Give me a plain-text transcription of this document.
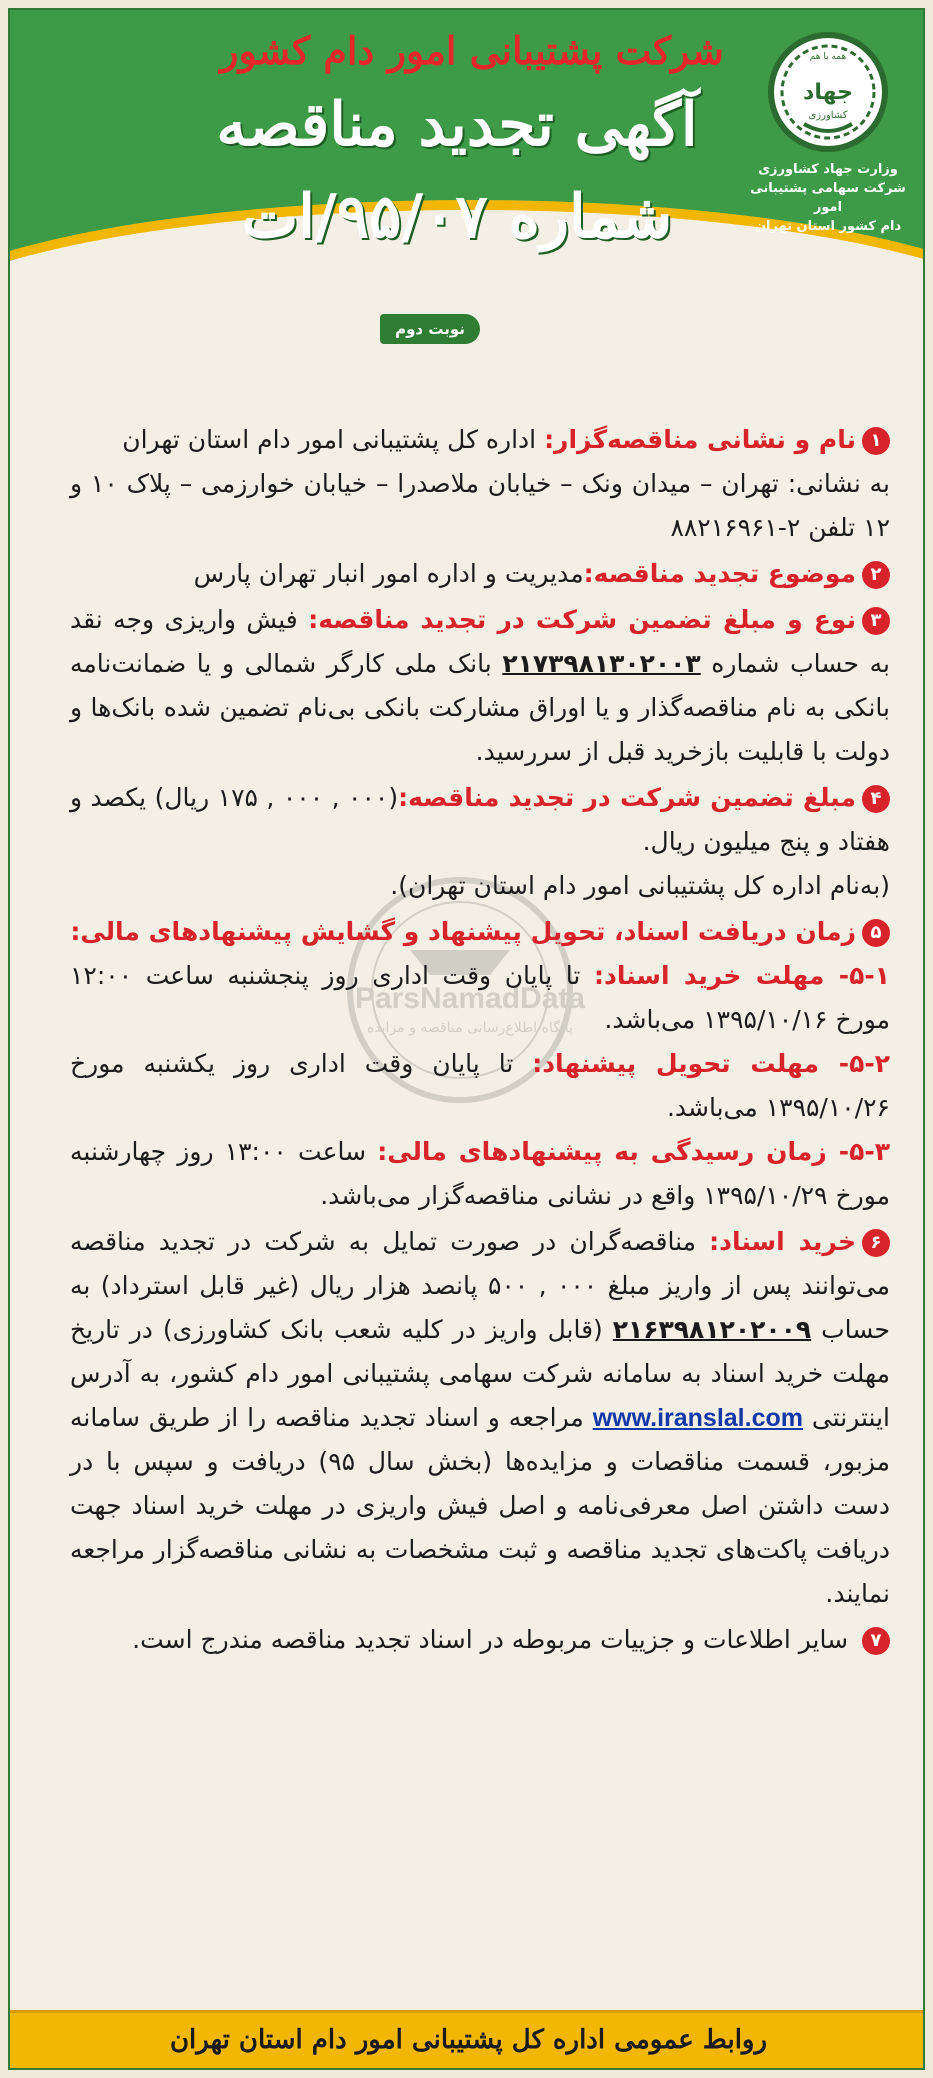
شرکت پشتیبانی امور دام کشور
آگهی تجدید مناقصه
شماره ۹۵/۰۷/ات
همه با هم
جهاد
کشاورزی
وزارت جهاد کشاورزی
شرکت سهامی پشتیبانی امور
دام کشور استان تهران
نوبت دوم
ParsNamadData
پایگاه اطلاع‌رسانی مناقصه و مزایده
۱نام و نشانی مناقصه‌گزار: اداره کل پشتیبانی امور دام استان تهران
به نشانی: تهران – میدان ونک – خیابان ملاصدرا – خیابان خوارزمی – پلاک ۱۰ و ۱۲ تلفن ۲-۸۸۲۱۶۹۶۱
۲موضوع تجدید مناقصه:مدیریت و اداره امور انبار تهران پارس
۳نوع و مبلغ تضمین شرکت در تجدید مناقصه: فیش واریزی وجه نقد به حساب شماره ۲۱۷۳۹۸۱۳۰۲۰۰۳ بانک ملی کارگر شمالی و یا ضمانت‌نامه بانکی به نام مناقصه‌گذار و یا اوراق مشارکت بانکی بی‌نام تضمین شده بانک‌ها و دولت با قابلیت بازخرید قبل از سررسید.
۴مبلغ تضمین شرکت در تجدید مناقصه:(۰۰۰ , ۰۰۰ , ۱۷۵ ریال) یکصد و هفتاد و پنج میلیون ریال.
(به‌نام اداره کل پشتیبانی امور دام استان تهران).
۵زمان دریافت اسناد، تحویل پیشنهاد و گشایش پیشنهادهای مالی:
۵-۱- مهلت خرید اسناد: تا پایان وقت اداری روز پنجشنبه ساعت ۱۲:۰۰ مورخ ۱۳۹۵/۱۰/۱۶ می‌باشد.
۵-۲- مهلت تحویل پیشنهاد: تا پایان وقت اداری روز یکشنبه مورخ ۱۳۹۵/۱۰/۲۶ می‌باشد.
۵-۳- زمان رسیدگی به پیشنهادهای مالی: ساعت ۱۳:۰۰ روز چهارشنبه مورخ ۱۳۹۵/۱۰/۲۹ واقع در نشانی مناقصه‌گزار می‌باشد.
۶خرید اسناد: مناقصه‌گران در صورت تمایل به شرکت در تجدید مناقصه می‌توانند پس از واریز مبلغ ۰۰۰ , ۵۰۰ پانصد هزار ریال (غیر قابل استرداد) به حساب ۲۱۶۳۹۸۱۲۰۲۰۰۹ (قابل واریز در کلیه شعب بانک کشاورزی) در تاریخ مهلت خرید اسناد به سامانه شرکت سهامی پشتیبانی امور دام کشور، به آدرس اینترنتی www.iranslal.com مراجعه و اسناد تجدید مناقصه را از طریق سامانه مزبور، قسمت مناقصات و مزایده‌ها (بخش سال ۹۵) دریافت و سپس با در دست داشتن اصل معرفی‌نامه و اصل فیش واریزی در مهلت خرید اسناد جهت دریافت پاکت‌های تجدید مناقصه و ثبت مشخصات به نشانی مناقصه‌گزار مراجعه نمایند.
۷ سایر اطلاعات و جزییات مربوطه در اسناد تجدید مناقصه مندرج است.
روابط عمومی اداره کل پشتیبانی امور دام استان تهران
